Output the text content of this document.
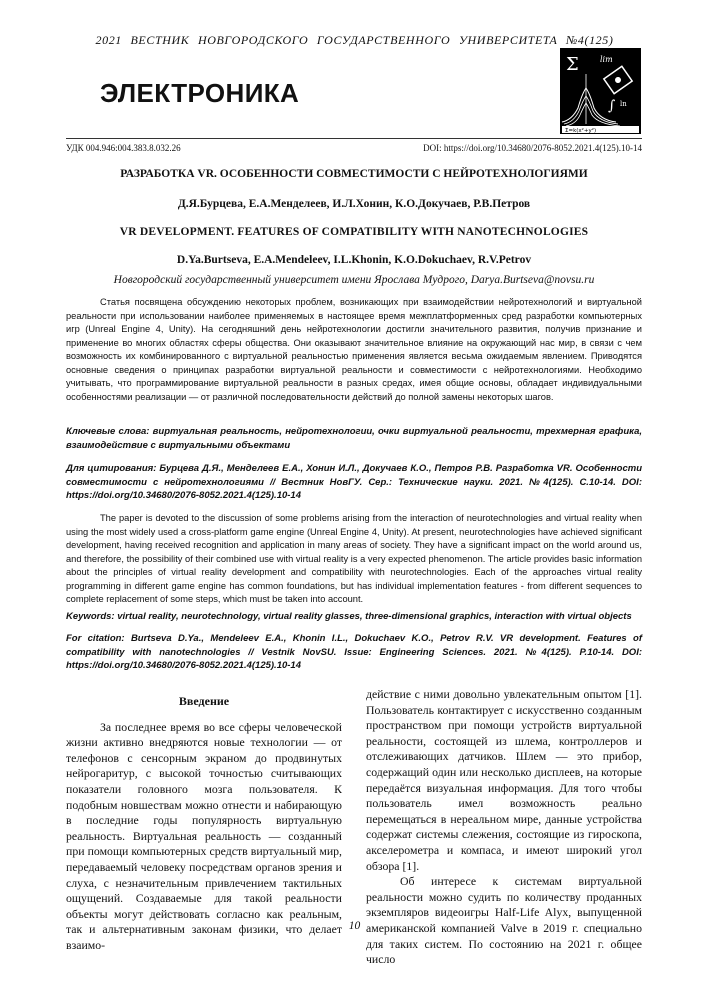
2021 ВЕСТНИК НОВГОРОДСКОГО ГОСУДАРСТВЕННОГО УНИВЕРСИТЕТА №4(125)
ЭЛЕКТРОНИКА
Σ	lim
∫ ln
Σ=k(x²+y²)
УДК 004.946:004.383.8.032.26	DOI: https://doi.org/10.34680/2076-8052.2021.4(125).10-14
РАЗРАБОТКА VR. ОСОБЕННОСТИ СОВМЕСТИМОСТИ С НЕЙРОТЕХНОЛОГИЯМИ
Д.Я.Бурцева, Е.А.Менделеев, И.Л.Хонин, К.О.Докучаев, Р.В.Петров
VR DEVELOPMENT. FEATURES OF COMPATIBILITY WITH NANOTECHNOLOGIES
D.Ya.Burtseva, E.A.Mendeleev, I.L.Khonin, K.O.Dokuchaev, R.V.Petrov
Новгородский государственный университет имени Ярослава Мудрого, Darya.Burtseva@novsu.ru
Статья посвящена обсуждению некоторых проблем, возникающих при взаимодействии нейротехнологий и виртуальной реальности при использовании наиболее применяемых в настоящее время межплатформенных сред разработки компьютерных игр (Unreal Engine 4, Unity). На сегодняшний день нейротехнологии достигли значительного развития, получив признание и применение во многих областях сферы общества. Они оказывают значительное влияние на окружающий нас мир, в связи с чем возможность их комбинированного с виртуальной реальностью применения является весьма ожидаемым явлением. Приводятся основные сведения о принципах разработки виртуальной реальности и совместимости с нейротехнологиями. Необходимо учитывать, что программирование виртуальной реальности в разных средах, имея общие основы, обладает индивидуальными особенностями реализации — от различной последовательности действий до полной замены некоторых шагов.
Ключевые слова: виртуальная реальность, нейротехнологии, очки виртуальной реальности, трехмерная графика, взаимодействие с виртуальными объектами
Для цитирования: Бурцева Д.Я., Менделеев Е.А., Хонин И.Л., Докучаев К.О., Петров Р.В. Разработка VR. Особенности совместимости с нейротехнологиями // Вестник НовГУ. Сер.: Технические науки. 2021. №4(125). С.10-14. DOI: https://doi.org/10.34680/2076-8052.2021.4(125).10-14
The paper is devoted to the discussion of some problems arising from the interaction of neurotechnologies and virtual reality when using the most widely used a cross-platform game engine (Unreal Engine 4, Unity). At present, neurotechnologies have achieved significant development, having received recognition and application in many areas of society. They have a significant impact on the world around us, and therefore, the possibility of their combined use with virtual reality is a very expected phenomenon. The article provides basic information about the principles of virtual reality development and compatibility with neurotechnologies. Each of the approaches virtual reality programming in different game engine has common foundations, but has individual implementation features - from different sequences to complete replacement of some steps, which must be taken into account.
Keywords: virtual reality, neurotechnology, virtual reality glasses, three-dimensional graphics, interaction with virtual objects
For citation: Burtseva D.Ya., Mendeleev E.A., Khonin I.L., Dokuchaev K.O., Petrov R.V. VR development. Features of compatibility with nanotechnologies // Vestnik NovSU. Issue: Engineering Sciences. 2021. №4(125). P.10-14. DOI: https://doi.org/10.34680/2076-8052.2021.4(125).10-14
Введение

За последнее время во все сферы человеческой жизни активно внедряются новые технологии — от телефонов с сенсорным экраном до продвинутых нейрогаритур, с высокой точностью считывающих показатели головного мозга пользователя. К подобным новшествам можно отнести и набирающую в последние годы популярность виртуальную реальность. Виртуальная реальность — созданный при помощи компьютерных средств виртуальный мир, передаваемый человеку посредствам органов зрения и слуха, с незначительным привлечением тактильных ощущений. Создаваемые для такой реальности объекты могут действовать согласно как реальным, так и альтернативным законам физики, что делает взаимо-

действие с ними довольно увлекательным опытом [1]. Пользователь контактирует с искусственно созданным пространством при помощи устройств виртуальной реальности, состоящей из шлема, контроллеров и отслеживающих датчиков. Шлем — это прибор, содержащий один или несколько дисплеев, на которые передаётся визуальная информация. Для того чтобы пользователь имел возможность реально перемещаться в нереальном мире, данные устройства содержат системы слежения, состоящие из гироскопа, акселерометра и компаса, и имеют широкий угол обзора [1].

Об интересе к системам виртуальной реальности можно судить по количеству проданных экземпляров видеоигры Half-Life Alyx, выпущенной американской компанией Valve в 2019 г. специально для таких систем. По состоянию на 2021 г. общее число

10
